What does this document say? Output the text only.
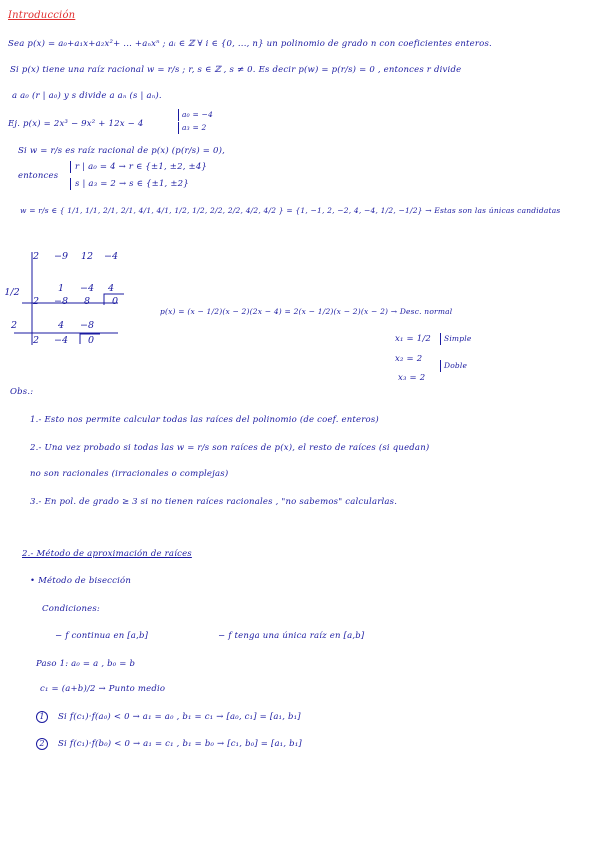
Introducción
Sea p(x) = a₀+a₁x+a₂x²+ ... +aₙxⁿ ; aᵢ ∈ ℤ ∀ i ∈ {0, ..., n} un polinomio de grado n con coeficientes enteros.
Si p(x) tiene una raíz racional w = r/s ; r, s ∈ ℤ , s ≠ 0. Es decir p(w) = p(r/s) = 0 , entonces r divide
a a₀ (r | a₀) y s divide a aₙ (s | aₙ).
Ej. p(x) = 2x³ − 9x² + 12x − 4
a₀ = −4
a₃ = 2
Si w = r/s es raíz racional de p(x) (p(r/s) = 0),
entonces
r | a₀ = 4 → r ∈ {±1, ±2, ±4}
s | a₃ = 2 → s ∈ {±1, ±2}
w = r/s ∈ { 1/1, 1/1, 2/1, 2/1, 4/1, 4/1, 1/2, 1/2, 2/2, 2/2, 4/2, 4/2 } = {1, −1, 2, −2, 4, −4, 1/2, −1/2} → Estas son las únicas candidatas
2	−9	12	−4
1/2	1	−4	4
2	−8	8	0
2	4	−8
2	−4	0
p(x) = (x − 1/2)(x − 2)(2x − 4) = 2(x − 1/2)(x − 2)(x − 2) → Desc. normal
x₁ = 1/2	Simple
x₂ = 2
x₃ = 2
Doble
Obs.:
1.- Esto nos permite calcular todas las raíces del polinomio (de coef. enteros)
2.- Una vez probado si todas las w = r/s son raíces de p(x), el resto de raíces (si quedan)
no son racionales (irracionales o complejas)
3.- En pol. de grado ≥ 3 si no tienen raíces racionales , "no sabemos" calcularlas.
2.- Método de aproximación de raíces
• Método de bisección
Condiciones:
− f continua en [a,b]	− f tenga una única raíz en [a,b]
Paso 1: a₀ = a , b₀ = b
c₁ = (a+b)/2 → Punto medio
1 Si f(c₁)·f(a₀) < 0 → a₁ = a₀ , b₁ = c₁ → [a₀, c₁] = [a₁, b₁]
2 Si f(c₁)·f(b₀) < 0 → a₁ = c₁ , b₁ = b₀ → [c₁, b₀] = [a₁, b₁]
